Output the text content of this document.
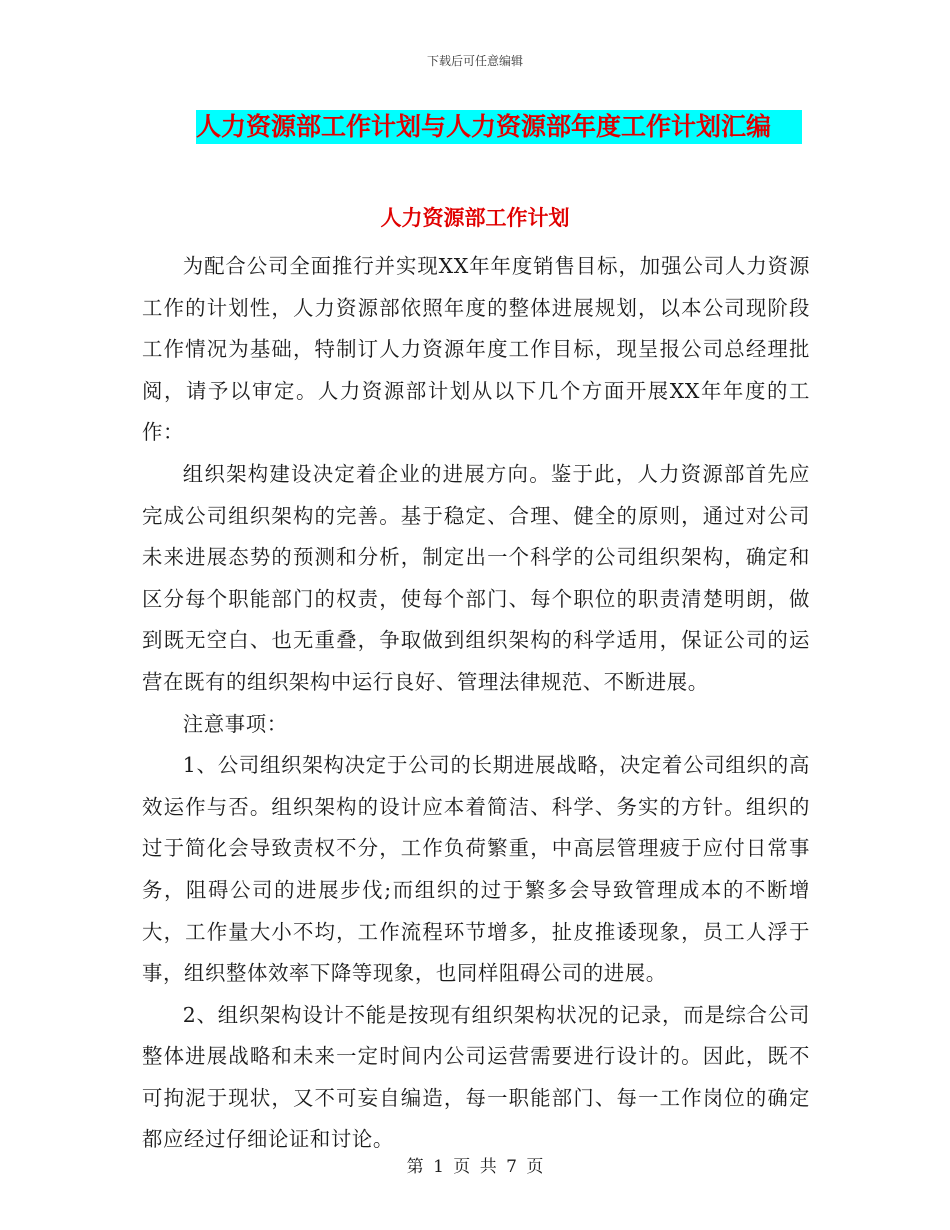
下载后可任意编辑
人力资源部工作计划与人力资源部年度工作计划汇编
人力资源部工作计划

为配合公司全面推行并实现XX年年度销售目标，加强公司人力资源工作的计划性，人力资源部依照年度的整体进展规划，以本公司现阶段工作情况为基础，特制订人力资源年度工作目标，现呈报公司总经理批阅，请予以审定。人力资源部计划从以下几个方面开展XX年年度的工作：

组织架构建设决定着企业的进展方向。鉴于此，人力资源部首先应完成公司组织架构的完善。基于稳定、合理、健全的原则，通过对公司未来进展态势的预测和分析，制定出一个科学的公司组织架构，确定和区分每个职能部门的权责，使每个部门、每个职位的职责清楚明朗，做到既无空白、也无重叠，争取做到组织架构的科学适用，保证公司的运营在既有的组织架构中运行良好、管理法律规范、不断进展。

注意事项：

1、公司组织架构决定于公司的长期进展战略，决定着公司组织的高效运作与否。组织架构的设计应本着简洁、科学、务实的方针。组织的过于简化会导致责权不分，工作负荷繁重，中高层管理疲于应付日常事务，阻碍公司的进展步伐;而组织的过于繁多会导致管理成本的不断增大，工作量大小不均，工作流程环节增多，扯皮推诿现象，员工人浮于事，组织整体效率下降等现象，也同样阻碍公司的进展。

2、组织架构设计不能是按现有组织架构状况的记录，而是综合公司整体进展战略和未来一定时间内公司运营需要进行设计的。因此，既不可拘泥于现状，又不可妄自编造，每一职能部门、每一工作岗位的确定都应经过仔细论证和讨论。

第 1 页 共 7 页
